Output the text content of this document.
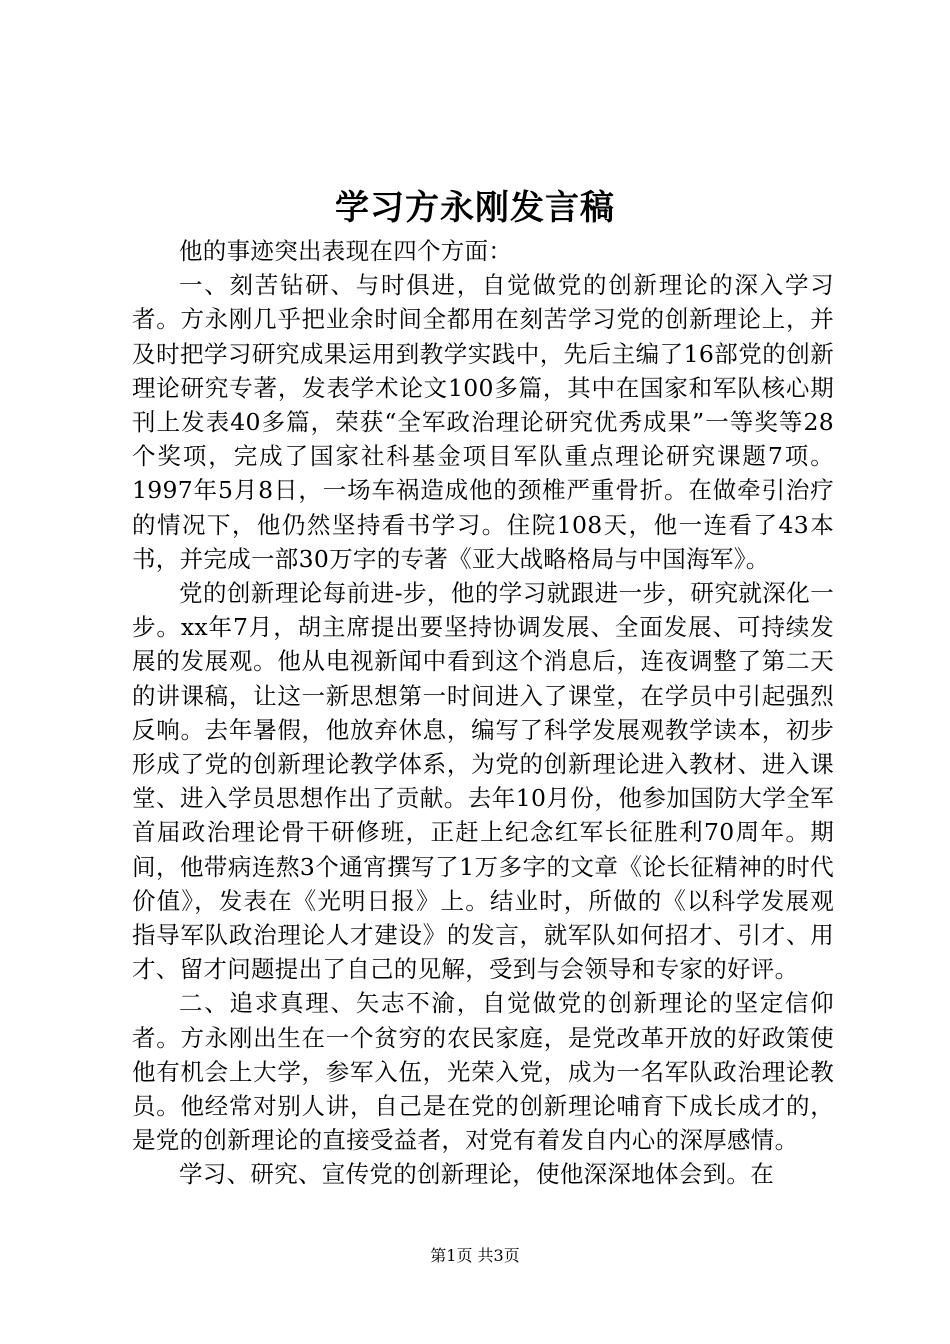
学习方永刚发言稿

他的事迹突出表现在四个方面：

一、刻苦钻研、与时俱进，自觉做党的创新理论的深入学习者。方永刚几乎把业余时间全都用在刻苦学习党的创新理论上，并及时把学习研究成果运用到教学实践中，先后主编了16部党的创新理论研究专著，发表学术论文100多篇，其中在国家和军队核心期刊上发表40多篇，荣获“全军政治理论研究优秀成果”一等奖等28个奖项，完成了国家社科基金项目军队重点理论研究课题7项。1997年5月8日，一场车祸造成他的颈椎严重骨折。在做牵引治疗的情况下，他仍然坚持看书学习。住院108天，他一连看了43本书，并完成一部30万字的专著《亚大战略格局与中国海军》。

党的创新理论每前进-步，他的学习就跟进一步，研究就深化一步。xx年7月，胡主席提出要坚持协调发展、全面发展、可持续发展的发展观。他从电视新闻中看到这个消息后，连夜调整了第二天的讲课稿，让这一新思想第一时间进入了课堂，在学员中引起强烈反响。去年暑假，他放弃休息，编写了科学发展观教学读本，初步形成了党的创新理论教学体系，为党的创新理论进入教材、进入课堂、进入学员思想作出了贡献。去年10月份，他参加国防大学全军首届政治理论骨干研修班，正赶上纪念红军长征胜利70周年。期间，他带病连熬3个通宵撰写了1万多字的文章《论长征精神的时代价值》，发表在《光明日报》上。结业时，所做的《以科学发展观指导军队政治理论人才建设》的发言，就军队如何招才、引才、用才、留才问题提出了自己的见解，受到与会领导和专家的好评。

二、追求真理、矢志不渝，自觉做党的创新理论的坚定信仰者。方永刚出生在一个贫穷的农民家庭，是党改革开放的好政策使他有机会上大学，参军入伍，光荣入党，成为一名军队政治理论教员。他经常对别人讲，自己是在党的创新理论哺育下成长成才的，是党的创新理论的直接受益者，对党有着发自内心的深厚感情。

学习、研究、宣传党的创新理论，使他深深地体会到。在

第1页 共3页
